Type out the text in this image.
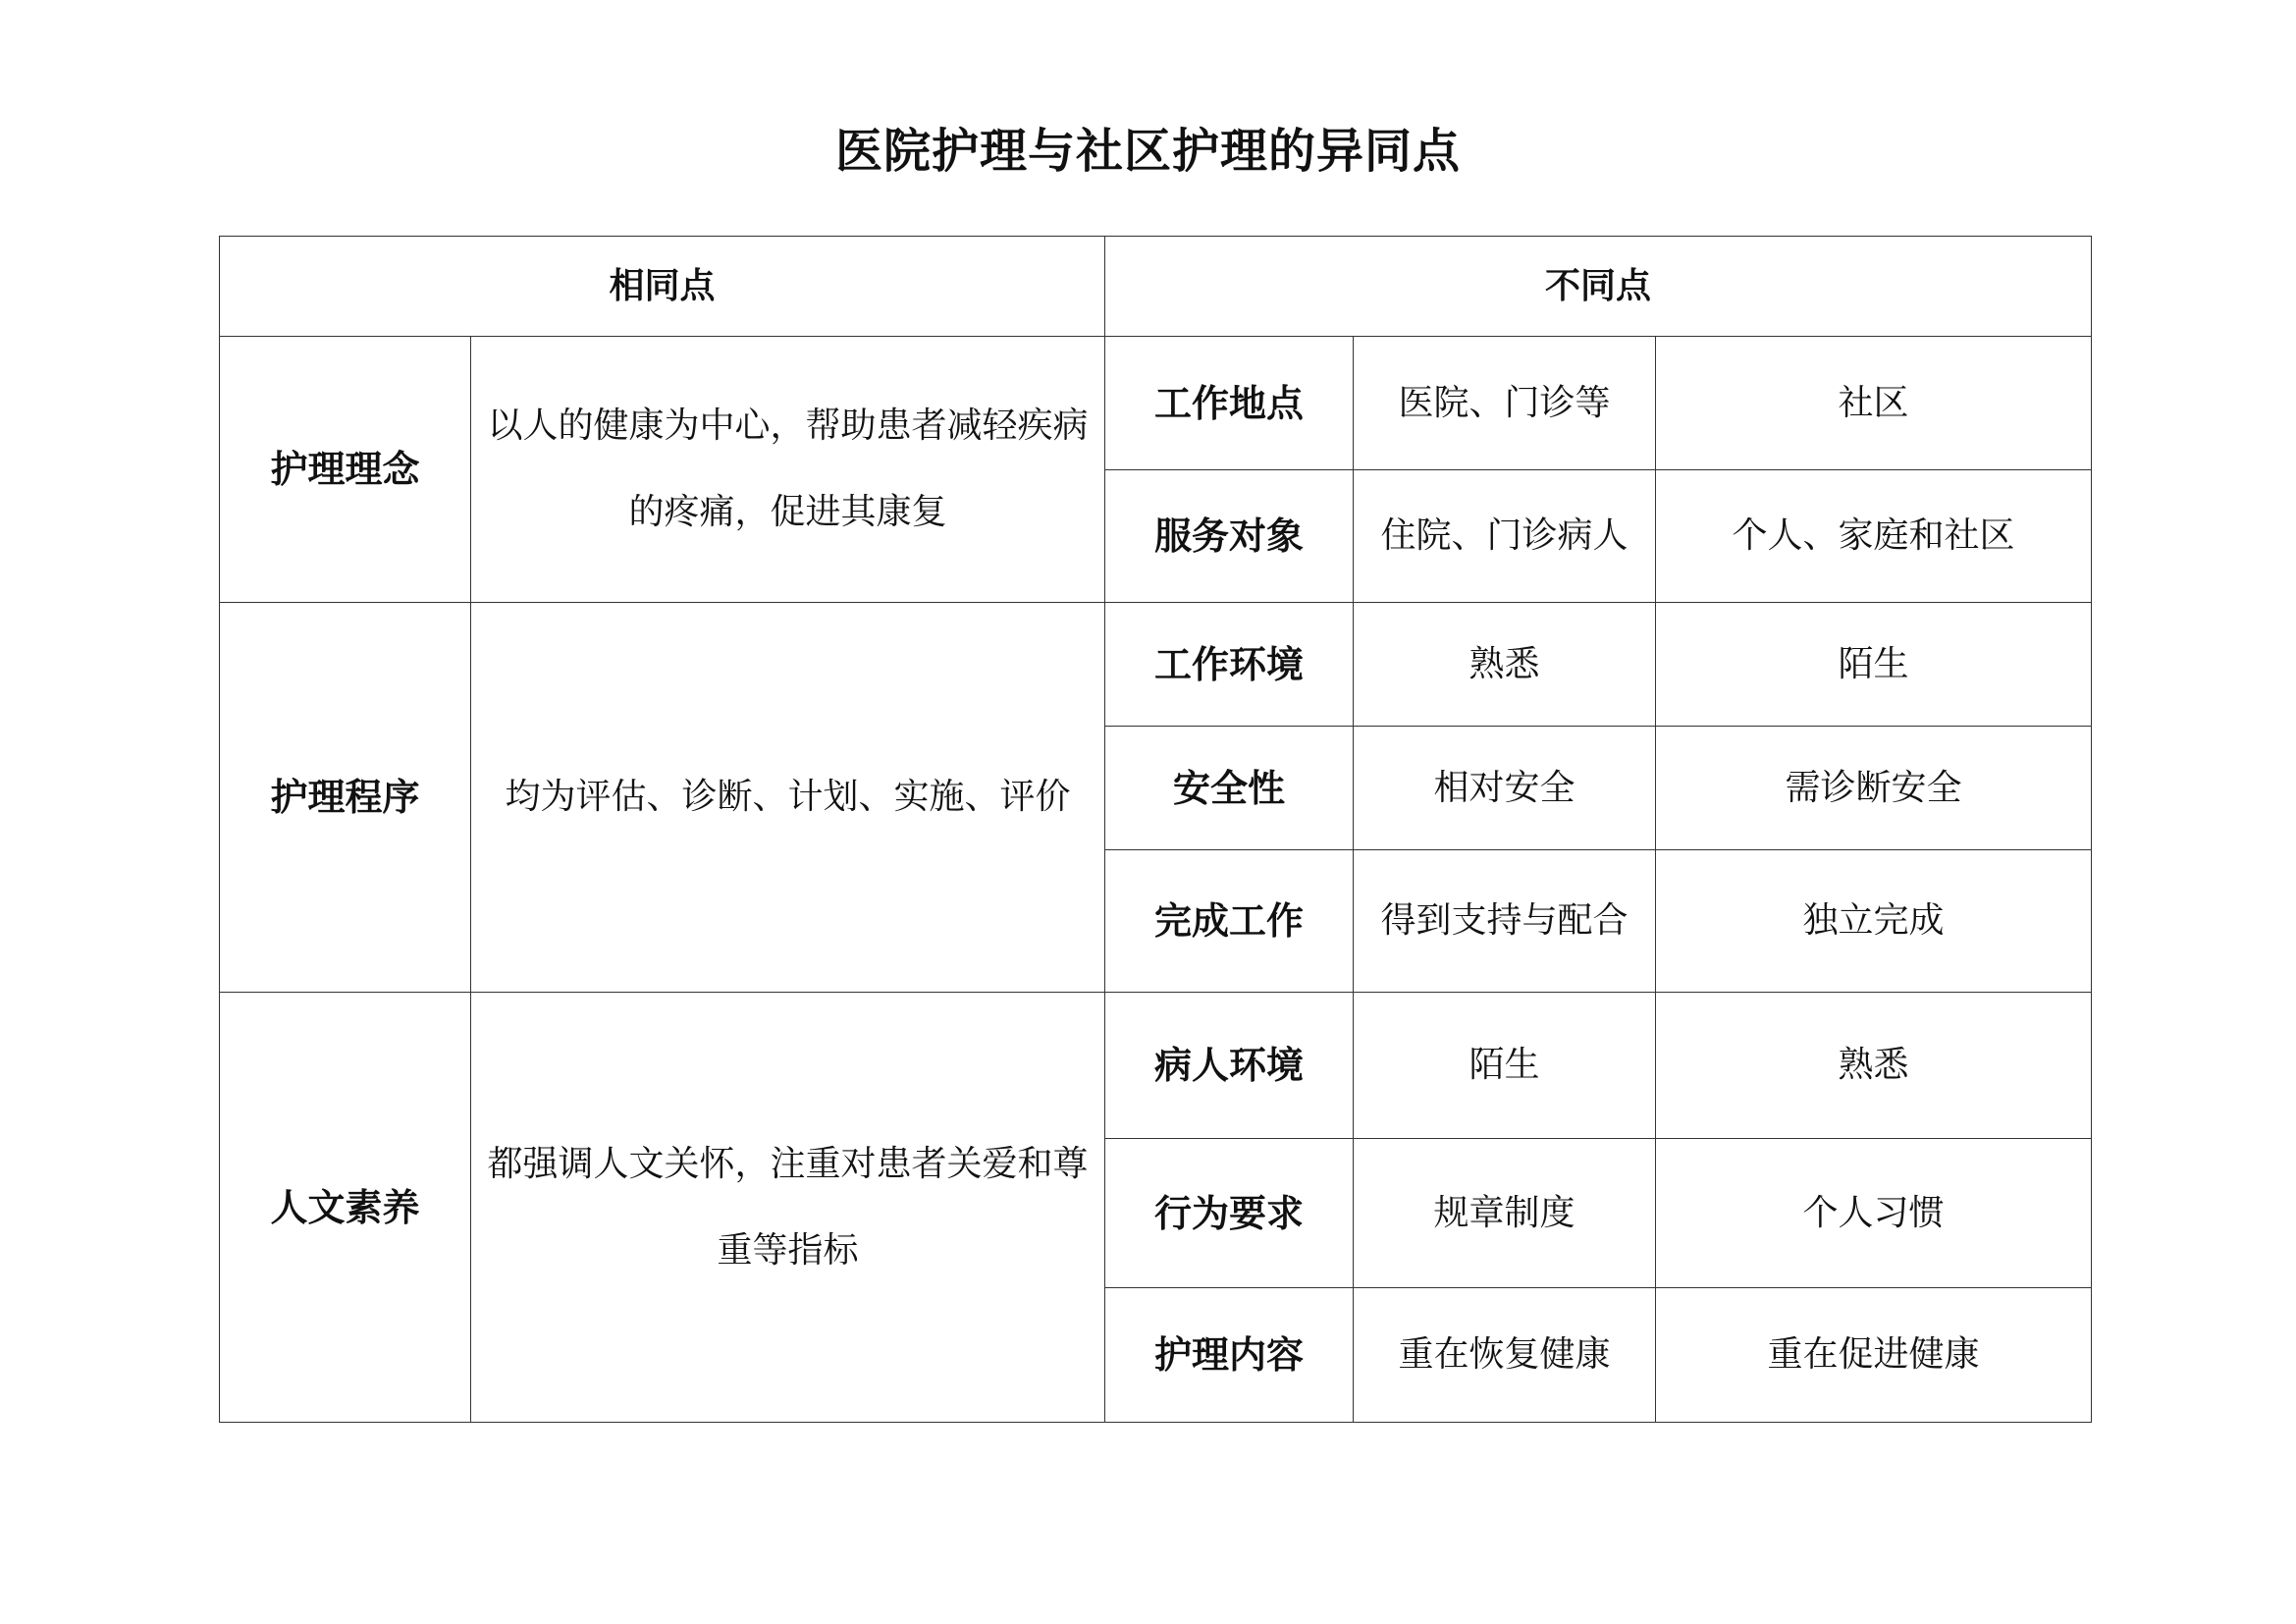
医院护理与社区护理的异同点
相同点		不同点		
护理理念	以人的健康为中心，帮助患者减轻疾病的疼痛，促进其康复	工作地点	医院、门诊等	社区
		服务对象	住院、门诊病人	个人、家庭和社区
护理程序	均为评估、诊断、计划、实施、评价	工作环境	熟悉	陌生
		安全性	相对安全	需诊断安全
		完成工作	得到支持与配合	独立完成
人文素养	都强调人文关怀，注重对患者关爱和尊重等指标	病人环境	陌生	熟悉
		行为要求	规章制度	个人习惯
		护理内容	重在恢复健康	重在促进健康
